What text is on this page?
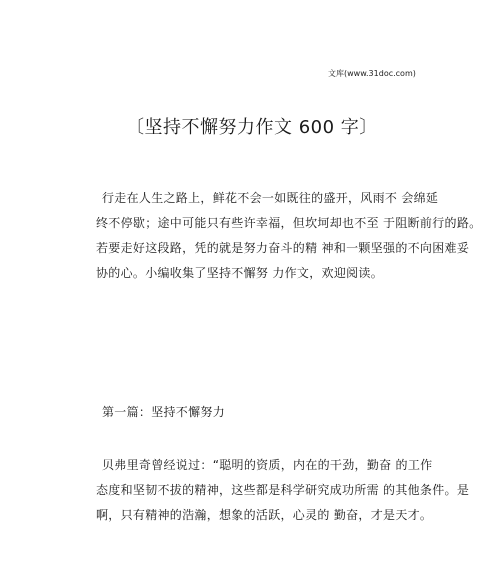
文库(www.31doc.com)
〔坚持不懈努力作文 600 字〕
行走在人生之路上，鲜花不会一如既往的盛开，风雨不 会绵延
终不停歇；途中可能只有些许幸福，但坎坷却也不至 于阻断前行的路。
若要走好这段路，凭的就是努力奋斗的精 神和一颗坚强的不向困难妥
协的心。小编收集了坚持不懈努 力作文，欢迎阅读。
第一篇：坚持不懈努力
贝弗里奇曾经说过：“聪明的资质，内在的干劲，勤奋 的工作
态度和坚韧不拔的精神，这些都是科学研究成功所需 的其他条件。是
啊，只有精神的浩瀚，想象的活跃，心灵的 勤奋，才是天才。
